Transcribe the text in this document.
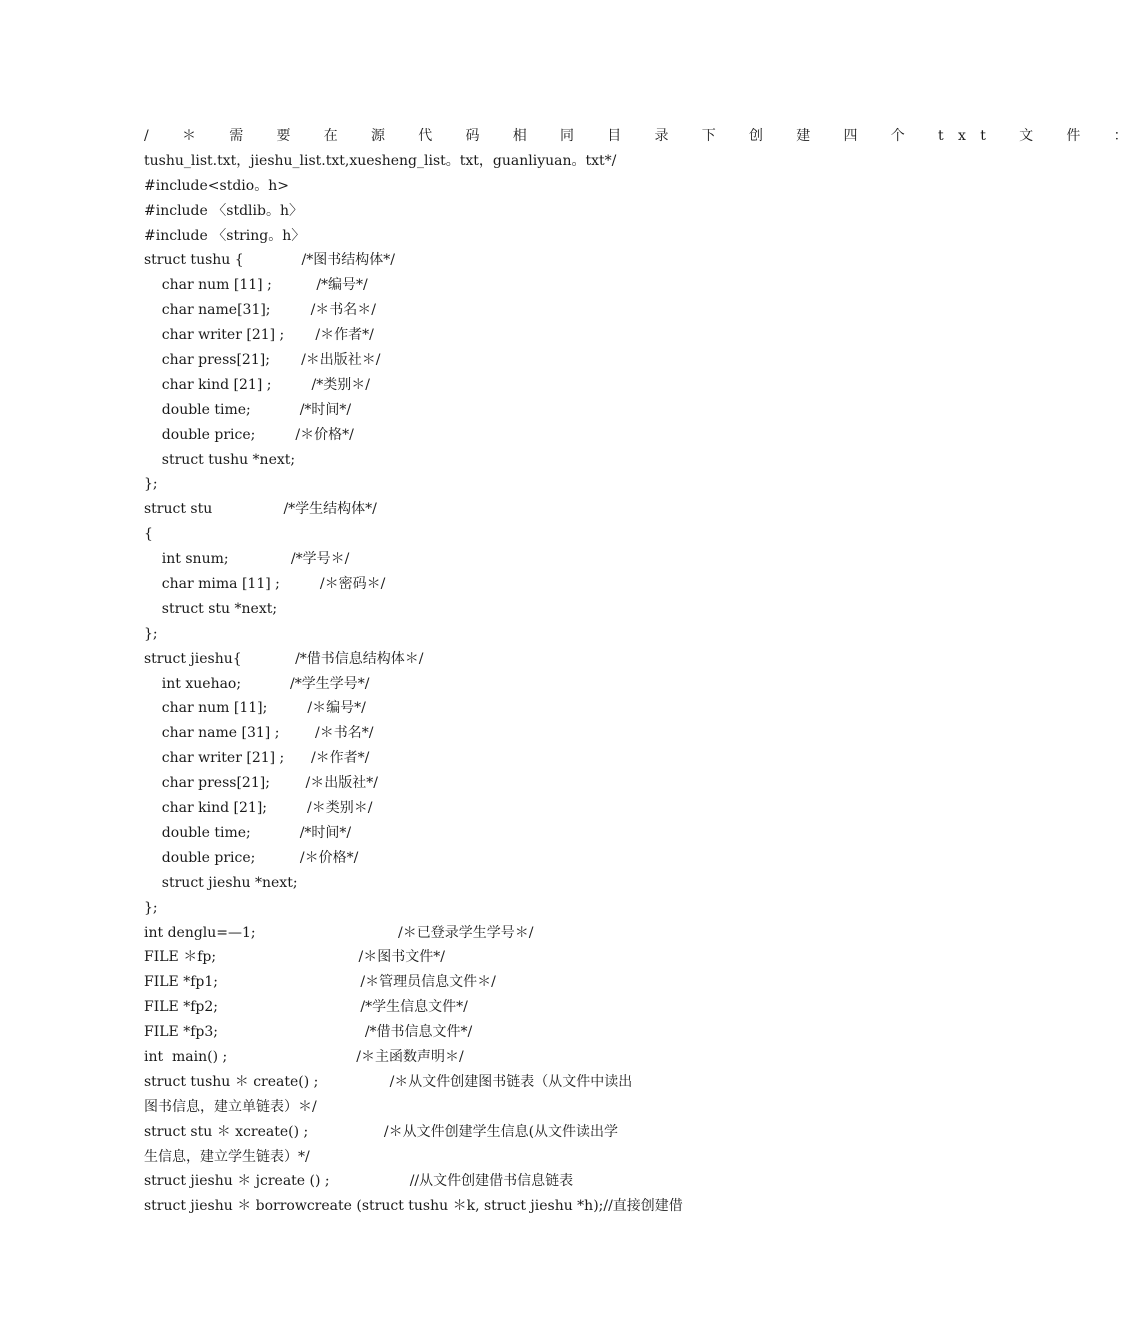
/ ＊ 需 要 在 源 代 码 相 同 目 录 下 创 建 四 个 txt 文 件 ：
tushu_list.txt，jieshu_list.txt,xuesheng_list。txt，guanliyuan。txt*/
#include<stdio。h>
#include 〈stdlib。h〉
#include 〈string。h〉
struct tushu {             /*图书结构体*/
char num [11] ;          /*编号*/
char name[31];         /＊书名＊/
char writer [21] ;       /＊作者*/
char press[21];       /＊出版社＊/
char kind [21] ;         /*类别＊/
double time;           /*时间*/
double price;         /＊价格*/
struct tushu *next;
};
struct stu                /*学生结构体*/
{
int snum;              /*学号＊/
char mima [11] ;         /＊密码＊/
struct stu *next;
};
struct jieshu{            /*借书信息结构体＊/
int xuehao;           /*学生学号*/
char num [11];         /＊编号*/
char name [31] ;        /＊书名*/
char writer [21] ;      /＊作者*/
char press[21];        /＊出版社*/
char kind [21];         /＊类别＊/
double time;           /*时间*/
double price;          /＊价格*/
struct jieshu *next;
};
int denglu=—1;                                /＊已登录学生学号＊/
FILE ＊fp;                                /＊图书文件*/
FILE *fp1;                                /＊管理员信息文件＊/
FILE *fp2;                                /*学生信息文件*/
FILE *fp3;                                 /*借书信息文件*/
int  main() ;                             /＊主函数声明＊/
struct tushu ＊ create() ;                /＊从文件创建图书链表（从文件中读出
图书信息，建立单链表）＊/
struct stu ＊ xcreate() ;                 /＊从文件创建学生信息(从文件读出学
生信息，建立学生链表）*/
struct jieshu ＊ jcreate () ;                  //从文件创建借书信息链表
struct jieshu ＊ borrowcreate (struct tushu ＊k, struct jieshu *h);//直接创建借
